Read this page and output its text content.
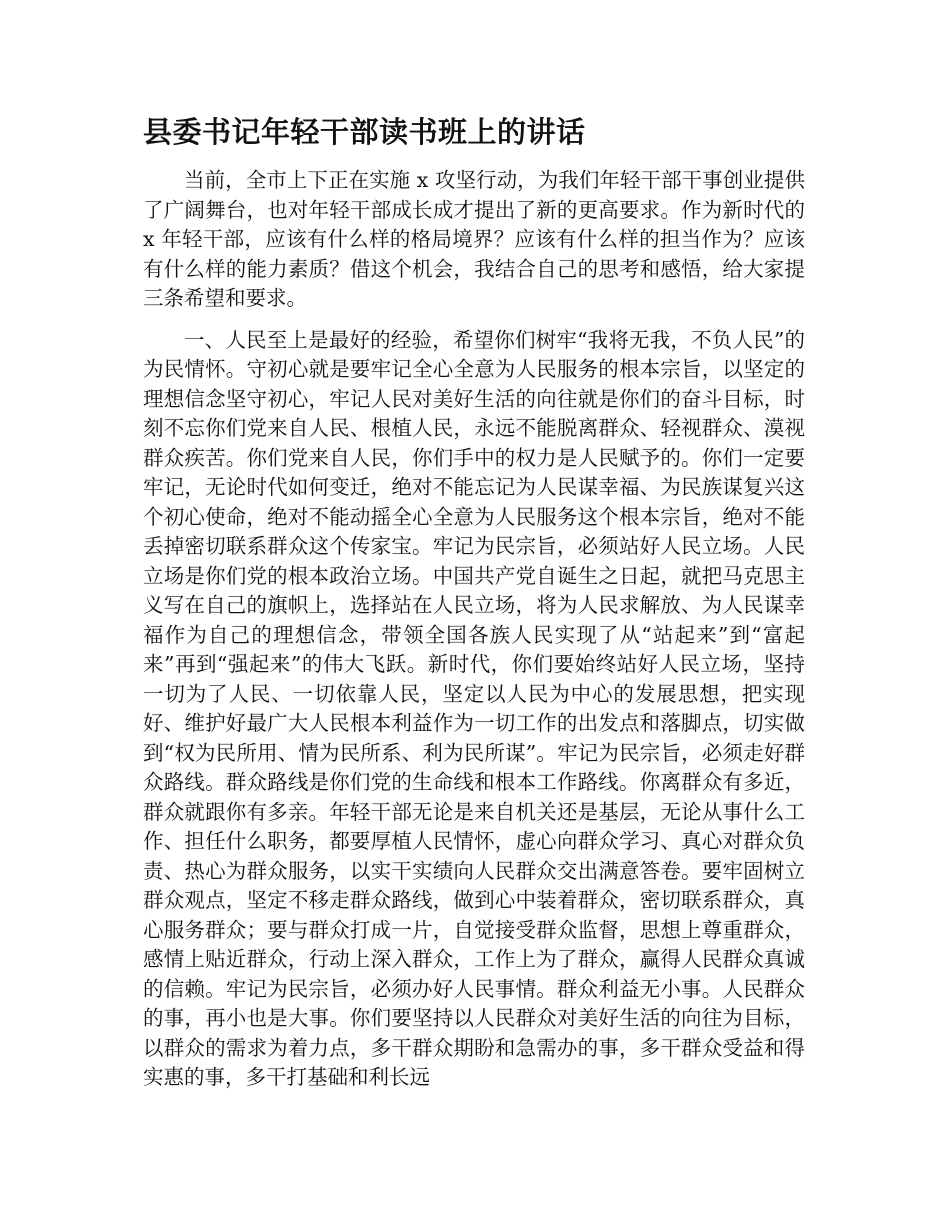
县委书记年轻干部读书班上的讲话

当前，全市上下正在实施 x 攻坚行动，为我们年轻干部干事创业提供了广阔舞台，也对年轻干部成长成才提出了新的更高要求。作为新时代的 x 年轻干部，应该有什么样的格局境界？应该有什么样的担当作为？应该有什么样的能力素质？借这个机会，我结合自己的思考和感悟，给大家提三条希望和要求。

一、人民至上是最好的经验，希望你们树牢“我将无我，不负人民”的为民情怀。守初心就是要牢记全心全意为人民服务的根本宗旨，以坚定的理想信念坚守初心，牢记人民对美好生活的向往就是你们的奋斗目标，时刻不忘你们党来自人民、根植人民，永远不能脱离群众、轻视群众、漠视群众疾苦。你们党来自人民，你们手中的权力是人民赋予的。你们一定要牢记，无论时代如何变迁，绝对不能忘记为人民谋幸福、为民族谋复兴这个初心使命，绝对不能动摇全心全意为人民服务这个根本宗旨，绝对不能丢掉密切联系群众这个传家宝。牢记为民宗旨，必须站好人民立场。人民立场是你们党的根本政治立场。中国共产党自诞生之日起，就把马克思主义写在自己的旗帜上，选择站在人民立场，将为人民求解放、为人民谋幸福作为自己的理想信念，带领全国各族人民实现了从“站起来”到“富起来”再到“强起来”的伟大飞跃。新时代，你们要始终站好人民立场，坚持一切为了人民、一切依靠人民，坚定以人民为中心的发展思想，把实现好、维护好最广大人民根本利益作为一切工作的出发点和落脚点，切实做到“权为民所用、情为民所系、利为民所谋”。牢记为民宗旨，必须走好群众路线。群众路线是你们党的生命线和根本工作路线。你离群众有多近，群众就跟你有多亲。年轻干部无论是来自机关还是基层，无论从事什么工作、担任什么职务，都要厚植人民情怀，虚心向群众学习、真心对群众负责、热心为群众服务，以实干实绩向人民群众交出满意答卷。要牢固树立群众观点，坚定不移走群众路线，做到心中装着群众，密切联系群众，真心服务群众；要与群众打成一片，自觉接受群众监督，思想上尊重群众，感情上贴近群众，行动上深入群众，工作上为了群众，赢得人民群众真诚的信赖。牢记为民宗旨，必须办好人民事情。群众利益无小事。人民群众的事，再小也是大事。你们要坚持以人民群众对美好生活的向往为目标，以群众的需求为着力点，多干群众期盼和急需办的事，多干群众受益和得实惠的事，多干打基础和利长远
